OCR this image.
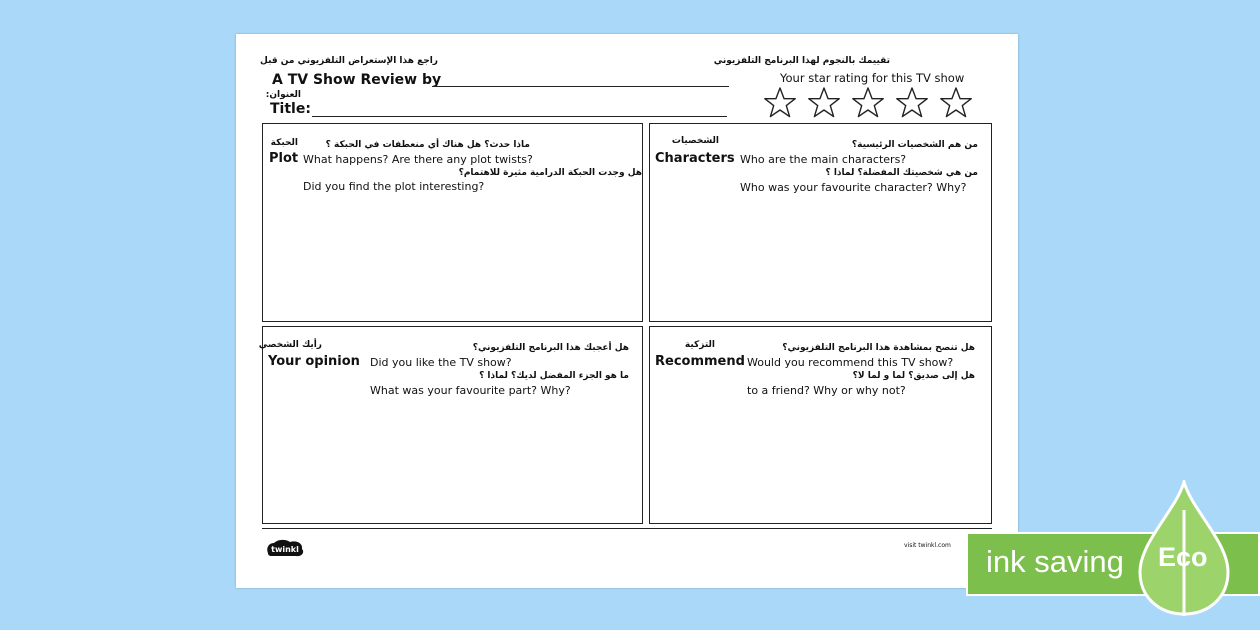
راجع هذا الإستعراض التلفزيوني من قبل
A TV Show Review by
العنوان:
Title:
تقييمك بالنجوم لهذا البرنامج التلفزيوني
Your star rating for this TV show
الحبكة
Plot
ماذا حدث؟ هل هناك أي منعطفات في الحبكة ؟
What happens? Are there any plot twists?
هل وجدت الحبكة الدرامية مثيرة للاهتمام؟
Did you find the plot interesting?
الشخصيات
Characters
من هم الشخصيات الرئيسية؟
Who are the main characters?
من هي شخصيتك المفضلة؟ لماذا ؟
Who was your favourite character? Why?
رأيك الشخصي
Your opinion
هل أعجبك هذا البرنامج التلفزيوني؟
Did you like the TV show?
ما هو الجزء المفضل لديك؟ لماذا ؟
What was your favourite part? Why?
التزكية
Recommend
هل تنصح بمشاهدة هذا البرنامج التلفزيوني؟
Would you recommend this TV show?
هل إلى صديق؟ لما و لما لا؟
to a friend? Why or why not?
twinkl	visit twinkl.com ink saving Eco
